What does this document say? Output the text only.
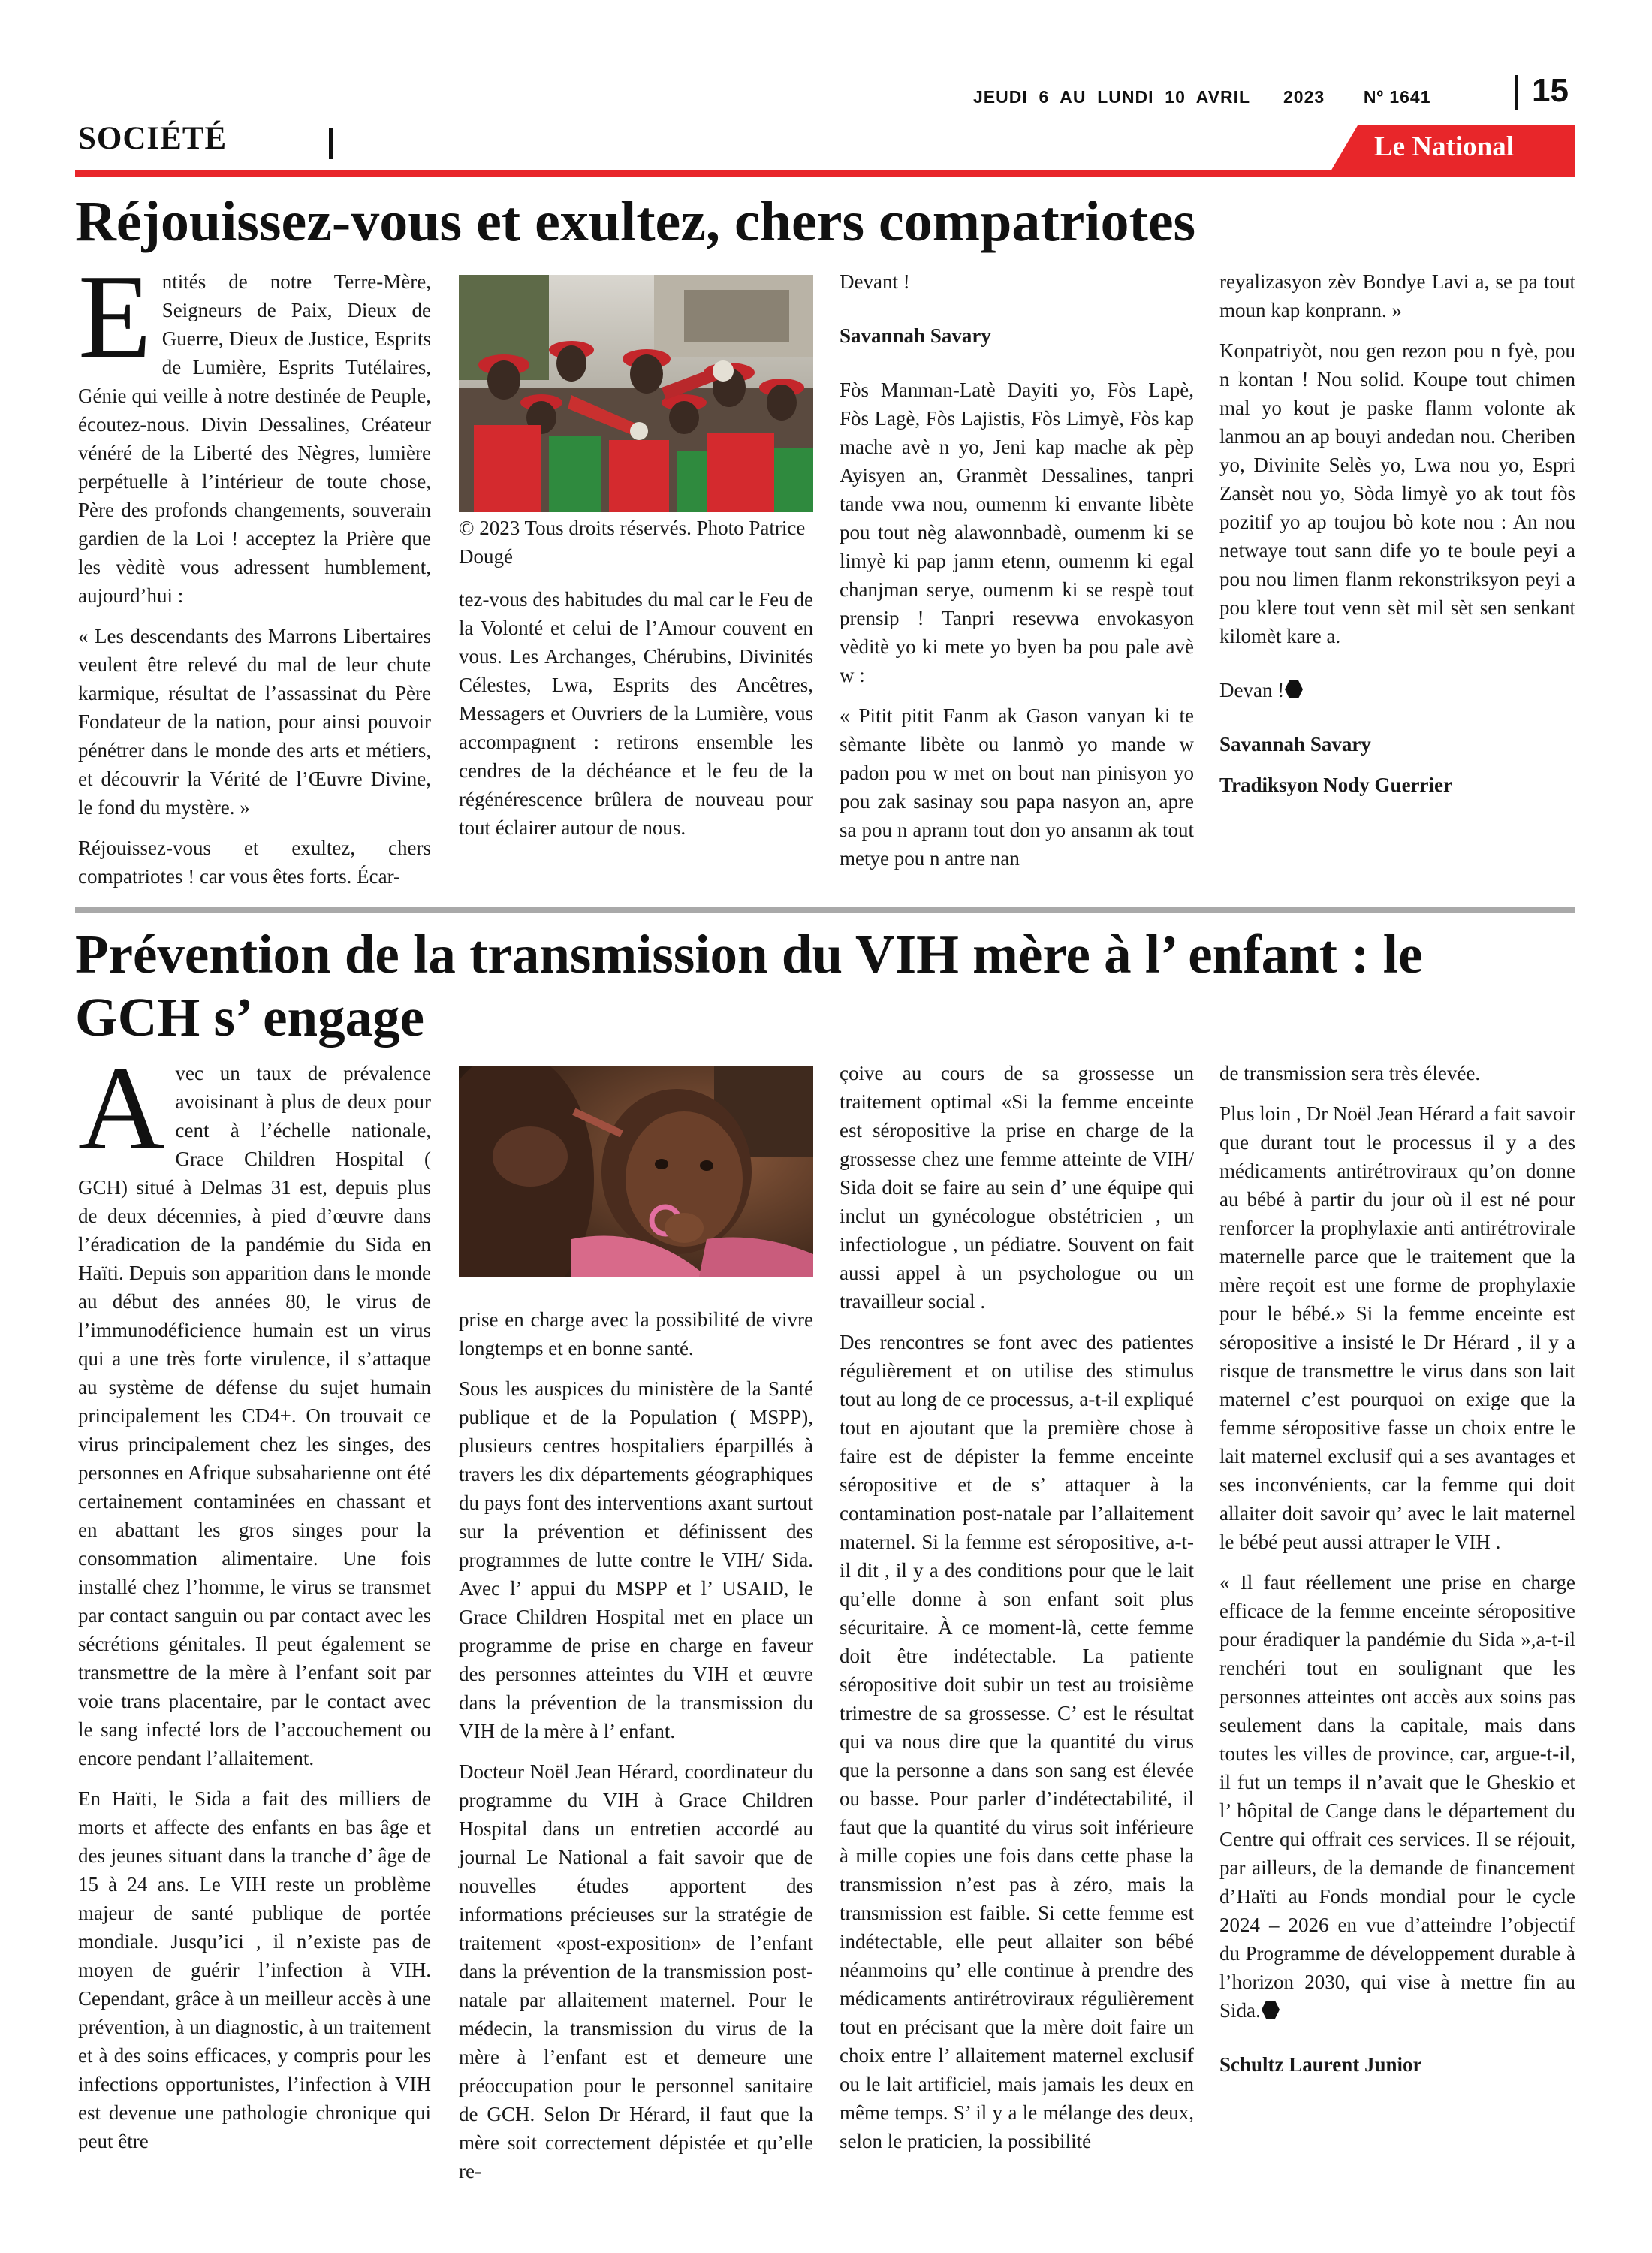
JEUDI  6  AU  LUNDI  10  AVRIL      2023       Nº 1641	15
SOCIÉTÉ	Le National
Réjouissez-vous et exultez, chers compatriotes
E ntités de notre Terre-Mère, Seigneurs de Paix, Dieux de Guerre, Dieux de Justice, Esprits de Lumière, Esprits Tutélaires, Génie qui veille à notre destinée de Peuple, écoutez-nous. Divin Dessalines, Créateur vénéré de la Liberté des Nègres, lumière perpétuelle à l’intérieur de toute chose, Père des profonds changements, souverain gardien de la Loi ! acceptez la Prière que les vèditè vous adressent humblement, aujourd’hui :

« Les descendants des Marrons Libertaires veulent être relevé du mal de leur chute karmique, résultat de l’assassinat du Père Fondateur de la nation, pour ainsi pouvoir pénétrer dans le monde des arts et métiers, et découvrir la Vérité de l’Œuvre Divine, le fond du mystère. »

Réjouissez-vous et exultez, chers compatriotes ! car vous êtes forts. Écar-

© 2023 Tous droits réservés. Photo Patrice Dougé

tez-vous des habitudes du mal car le Feu de la Volonté et celui de l’Amour couvent en vous. Les Archanges, Chérubins, Divinités Célestes, Lwa, Esprits des Ancêtres, Messagers et Ouvriers de la Lumière, vous accompagnent : retirons ensemble les cendres de la déchéance et le feu de la régénérescence brûlera de nouveau pour tout éclairer autour de nous.

Devant !

Savannah Savary

Fòs Manman-Latè Dayiti yo, Fòs Lapè, Fòs Lagè, Fòs Lajistis, Fòs Limyè, Fòs kap mache avè n yo, Jeni kap mache ak pèp Ayisyen an, Granmèt Dessalines, tanpri tande vwa nou, oumenm ki envante libète pou tout nèg alawonnbadè, oumenm ki se limyè ki pap janm etenn, oumenm ki egal chanjman serye, oumenm ki se respè tout prensip ! Tanpri resevwa envokasyon vèditè yo ki mete yo byen ba pou pale avè w :

« Pitit pitit Fanm ak Gason vanyan ki te sèmante libète ou lanmò yo mande w padon pou w met on bout nan pinisyon yo pou zak sasinay sou papa nasyon an, apre sa pou n aprann tout don yo ansanm ak tout metye pou n antre nan

reyalizasyon zèv Bondye Lavi a, se pa tout moun kap konprann. »

Konpatriyòt, nou gen rezon pou n fyè, pou n kontan ! Nou solid. Koupe tout chimen mal yo kout je paske flanm volonte ak lanmou an ap bouyi andedan nou. Cheriben yo, Divinite Selès yo, Lwa nou yo, Espri Zansèt nou yo, Sòda limyè yo ak tout fòs pozitif yo ap toujou bò kote nou : An nou netwaye tout sann dife yo te boule peyi a pou nou limen flanm rekonstriksyon peyi a pou klere tout venn sèt mil sèt sen senkant kilomèt kare a.

Devan !

Savannah Savary

Tradiksyon Nody Guerrier

Prévention de la transmission du VIH mère à l’ enfant : le
GCH s’ engage
A vec un taux de prévalence avoisinant à plus de deux pour cent à l’échelle nationale, Grace Children Hospital ( GCH) situé à Delmas 31 est, depuis plus de deux décennies, à pied d’œuvre dans l’éradication de la pandémie du Sida en Haïti. Depuis son apparition dans le monde au début des années 80, le virus de l’immunodéficience humain est un virus qui a une très forte virulence, il s’attaque au système de défense du sujet humain principalement les CD4+. On trouvait ce virus principalement chez les singes, des personnes en Afrique subsaharienne ont été certainement contaminées en chassant et en abattant les gros singes pour la consommation alimentaire. Une fois installé chez l’homme, le virus se transmet par contact sanguin ou par contact avec les sécrétions génitales. Il peut également se transmettre de la mère à l’enfant soit par voie trans placentaire, par le contact avec le sang infecté lors de l’accouchement ou encore pendant l’allaitement.

En Haïti, le Sida a fait des milliers de morts et affecte des enfants en bas âge et des jeunes situant dans la tranche d’ âge de 15 à 24 ans. Le VIH reste un problème majeur de santé publique de portée mondiale. Jusqu’ici , il n’existe pas de moyen de guérir l’infection à VIH. Cependant, grâce à un meilleur accès à une prévention, à un diagnostic, à un traitement et à des soins efficaces, y compris pour les infections opportunistes, l’infection à VIH est devenue une pathologie chronique qui peut être

prise en charge avec la possibilité de vivre longtemps et en bonne santé.

Sous les auspices du ministère de la Santé publique et de la Population ( MSPP), plusieurs centres hospitaliers éparpillés à travers les dix départements géographiques du pays font des interventions axant surtout sur la prévention et définissent des programmes de lutte contre le VIH/ Sida. Avec l’ appui du MSPP et l’ USAID, le Grace Children Hospital met en place un programme de prise en charge en faveur des personnes atteintes du VIH et œuvre dans la prévention de la transmission du VIH de la mère à l’ enfant.

Docteur Noël Jean Hérard, coordinateur du programme du VIH à Grace Children Hospital dans un entretien accordé au journal Le National a fait savoir que de nouvelles études apportent des informations précieuses sur la stratégie de traitement «post-exposition» de l’enfant dans la prévention de la transmission post-natale par allaitement maternel. Pour le médecin, la transmission du virus de la mère à l’enfant est et demeure une préoccupation pour le personnel sanitaire de GCH. Selon Dr Hérard, il faut que la mère soit correctement dépistée et qu’elle re-

çoive au cours de sa grossesse un traitement optimal «Si la femme enceinte est séropositive la prise en charge de la grossesse chez une femme atteinte de VIH/ Sida doit se faire au sein d’ une équipe qui inclut un gynécologue obstétricien , un infectiologue , un pédiatre. Souvent on fait aussi appel à un psychologue ou un travailleur social .

Des rencontres se font avec des patientes régulièrement et on utilise des stimulus tout au long de ce processus, a-t-il expliqué tout en ajoutant que la première chose à faire est de dépister la femme enceinte séropositive et de s’ attaquer à la contamination post-natale par l’allaitement maternel. Si la femme est séropositive, a-t-il dit , il y a des conditions pour que le lait qu’elle donne à son enfant soit plus sécuritaire. À ce moment-là, cette femme doit être indétectable. La patiente séropositive doit subir un test au troisième trimestre de sa grossesse. C’ est le résultat qui va nous dire que la quantité du virus que la personne a dans son sang est élevée ou basse. Pour parler d’indétectabilité, il faut que la quantité du virus soit inférieure à mille copies une fois dans cette phase la transmission n’est pas à zéro, mais la transmission est faible. Si cette femme est indétectable, elle peut allaiter son bébé néanmoins qu’ elle continue à prendre des médicaments antirétroviraux régulièrement tout en précisant que la mère doit faire un choix entre l’ allaitement maternel exclusif ou le lait artificiel, mais jamais les deux en même temps. S’ il y a le mélange des deux, selon le praticien, la possibilité

de transmission sera très élevée.

Plus loin , Dr Noël Jean Hérard a fait savoir que durant tout le processus il y a des médicaments antirétroviraux qu’on donne au bébé à partir du jour où il est né pour renforcer la prophylaxie anti antirétrovirale maternelle parce que le traitement que la mère reçoit est une forme de prophylaxie pour le bébé.» Si la femme enceinte est séropositive a insisté le Dr Hérard , il y a risque de transmettre le virus dans son lait maternel c’est pourquoi on exige que la femme séropositive fasse un choix entre le lait maternel exclusif qui a ses avantages et ses inconvénients, car la femme qui doit allaiter doit savoir qu’ avec le lait maternel le bébé peut aussi attraper le VIH .

« Il faut réellement une prise en charge efficace de la femme enceinte séropositive pour éradiquer la pandémie du Sida »,a-t-il renchéri tout en soulignant que les personnes atteintes ont accès aux soins pas seulement dans la capitale, mais dans toutes les villes de province, car, argue-t-il, il fut un temps il n’avait que le Gheskio et l’ hôpital de Cange dans le département du Centre qui offrait ces services. Il se réjouit, par ailleurs, de la demande de financement d’Haïti au Fonds mondial pour le cycle 2024 – 2026 en vue d’atteindre l’objectif du Programme de développement durable à l’horizon 2030, qui vise à mettre fin au Sida.

Schultz Laurent Junior
